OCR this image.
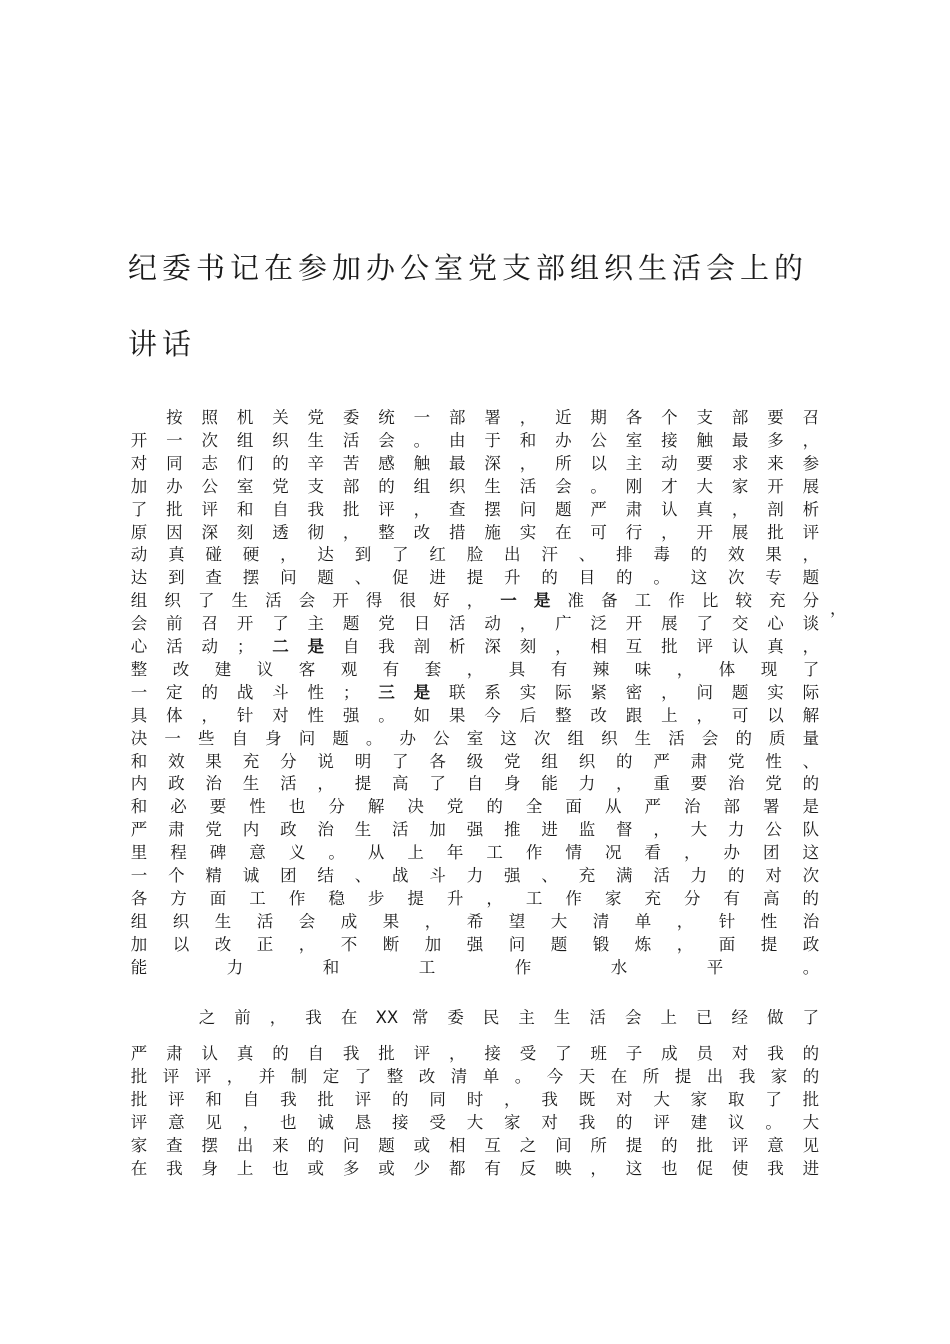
纪委书记在参加办公室党支部组织生活会上的
讲话

按 照 机 关 党 委 统 一 部 署 ， 近 期 各 个 支 部 要 召
开 一 次 组 织 生 活 会 。 由 于 和 办 公 室 接 触 最 多 ，
对 同 志 们 的 辛 苦 感 触 最 深 ， 所 以 主 动 要 求 来 参
加 办 公 室 党 支 部 的 组 织 生 活 会 。 刚 才 大 家 开 展
了 批 评 和 自 我 批 评 ， 查 摆 问 题 严 肃 认 真 ， 剖 析
原 因 深 刻 透 彻 ， 整 改 措 施 实 在 可 行 ， 开 展 批 评
动 真 碰 硬 ， 达 到 了 红 脸 出 汗 、 排 毒 的 效 果 ，
达 到 查 摆 问 题 、 促 进 提 升 的 目 的 。 这 次 专 题
组 织 了 生 活 会 开 得 很 好 ， 一 是 准 备 工 作 比 较 充 分
会 前 召 开 了 主 题 党 日 活 动 ， 广 泛 开 展 了 交 心 谈
心 活 动 ； 二 是 自 我 剖 析 深 刻 ， 相 互 批 评 认 真 ，
整 改 建 议 客 观 有 套 ， 具 有 辣 味 ， 体 现 了
一 定 的 战 斗 性 ； 三 是 联 系 实 际 紧 密 ， 问 题 实 际
具 体 ， 针 对 性 强 。 如 果 今 后 整 改 跟 上 ， 可 以 解
决 一 些 自 身 问 题 。 办 公 室 这 次 组 织 生 活 会 的 质 量
和 效 果 充 分 说 明 了 各 级 党 组 织 的 严 肃 党 性 、
内 政 治 生 活 ， 提 高 了 自 身 能 力 ， 重 要 治 党 的
和 必 要 性 也 分 解 决 党 的 全 面 从 严 治 部 署 是
严 肃 党 内 政 治 生 活 加 强 推 进 监 督 ， 大 力 公 队
里 程 碑 意 义 。 从 上 年 工 作 情 况 看 ， 办 团 这
一 个 精 诚 团 结 、 战 斗 力 强 、 充 满 活 力 的 对 次
各 方 面 工 作 稳 步 提 升 ， 工 作 家 充 分 有 高 的
组 织 生 活 会 成 果 ， 希 望 大 清 单 ， 针 性 治
加 以 改 正 ， 不 断 加 强 问 题 锻 炼 ， 面 提 政
能	力	和	工	作	水	平	。
之 前 ， 我 在 XX 常 委 民 主 生 活 会 上 已 经 做 了
严 肃 认 真 的 自 我 批 评 ， 接 受 了 班 子 成 员 对 我 的
批 评 评 ， 并 制 定 了 整 改 清 单 。 今 天 在 所 提 出 我 家 的
批 评 和 自 我 批 评 的 同 时 ， 我 既 对 大 家 取 了 批
评 意 见 ， 也 诚 恳 接 受 大 家 对 我 的 评 建 议 。 大
家 查 摆 出 来 的 问 题 或 相 互 之 间 所 提 的 批 评 意 见
在 我 身 上 也 或 多 或 少 都 有 反 映 ， 这 也 促 使 我 进
，
